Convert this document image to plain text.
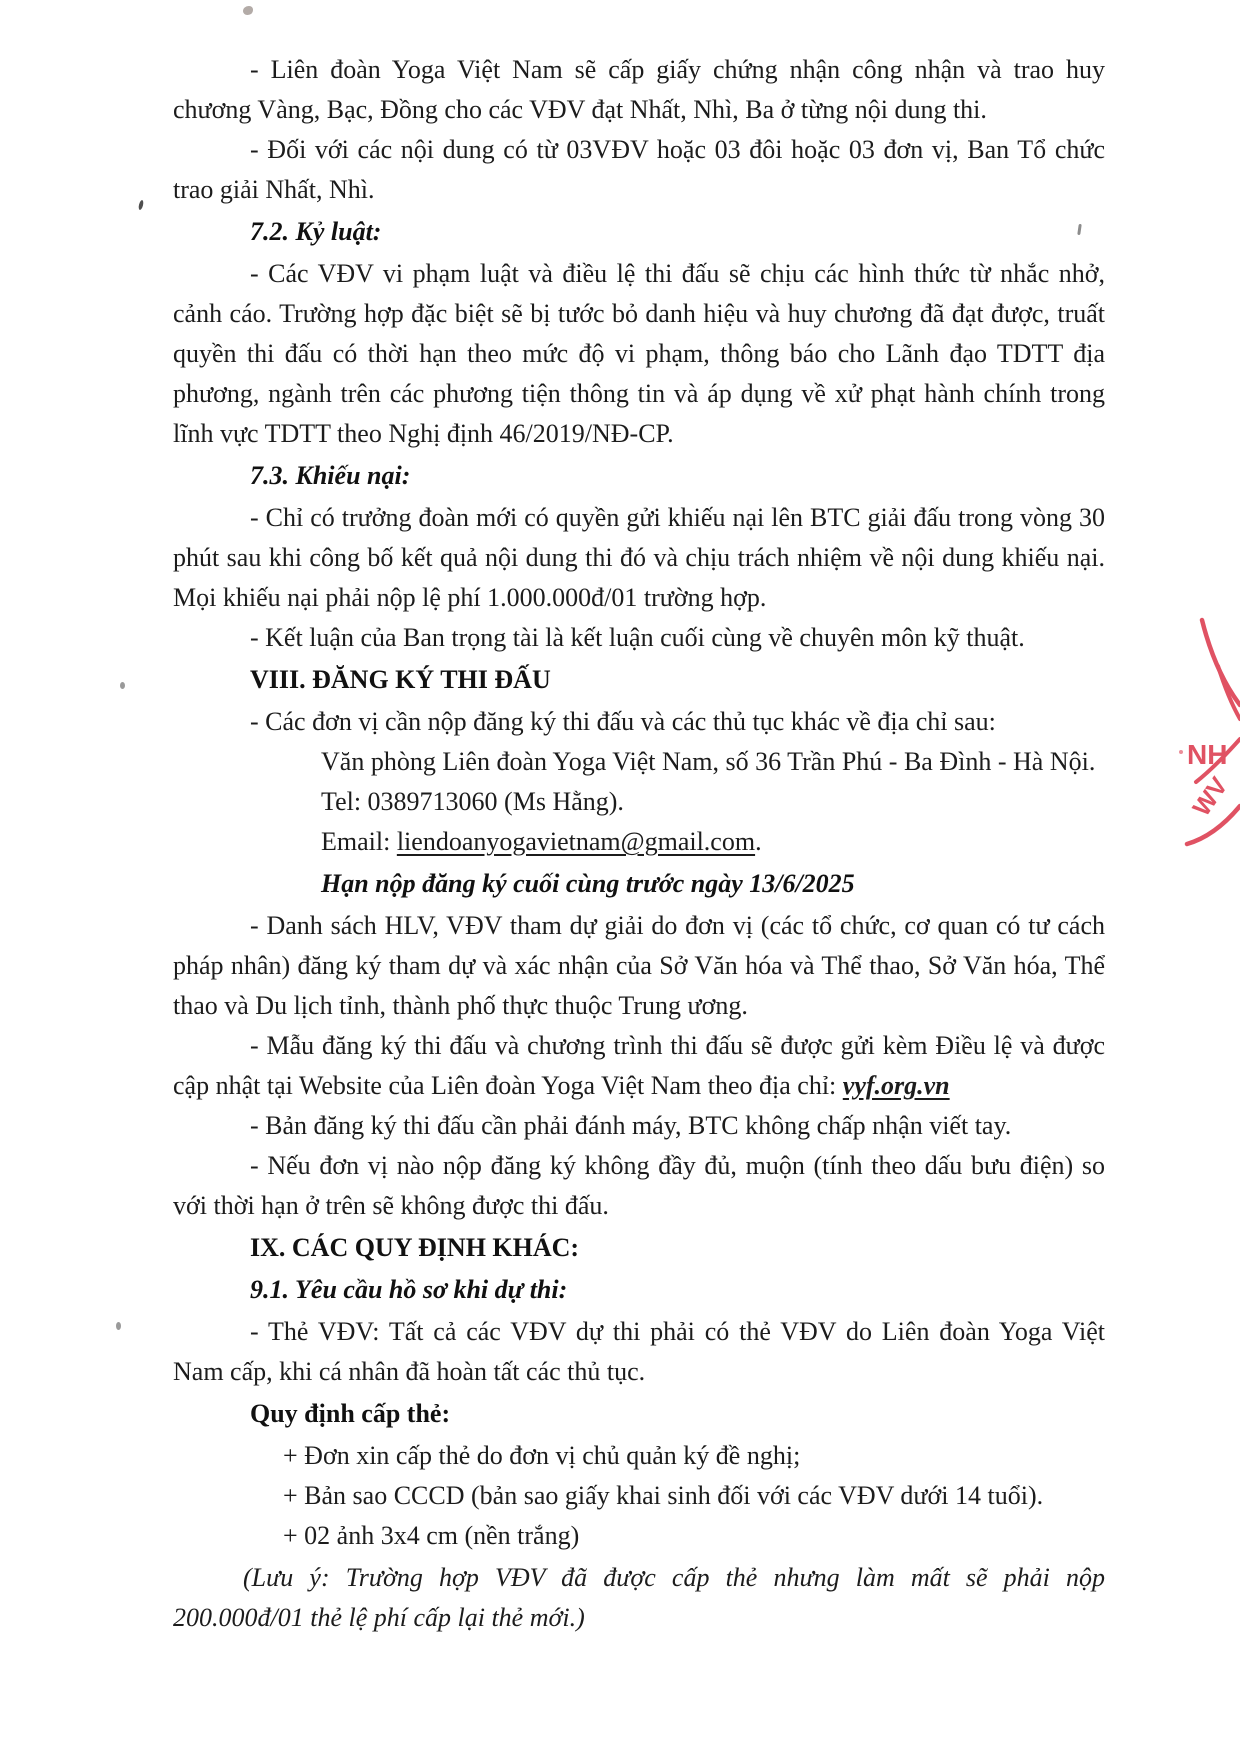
- Liên đoàn Yoga Việt Nam sẽ cấp giấy chứng nhận công nhận và trao huy chương Vàng, Bạc, Đồng cho các VĐV đạt Nhất, Nhì, Ba ở từng nội dung thi.
- Đối với các nội dung có từ 03VĐV hoặc 03 đôi hoặc 03 đơn vị, Ban Tổ chức trao giải Nhất, Nhì.
7.2. Kỷ luật:
- Các VĐV vi phạm luật và điều lệ thi đấu sẽ chịu các hình thức từ nhắc nhở, cảnh cáo. Trường hợp đặc biệt sẽ bị tước bỏ danh hiệu và huy chương đã đạt được, truất quyền thi đấu có thời hạn theo mức độ vi phạm, thông báo cho Lãnh đạo TDTT địa phương, ngành trên các phương tiện thông tin và áp dụng về xử phạt hành chính trong lĩnh vực TDTT theo Nghị định 46/2019/NĐ-CP.
7.3. Khiếu nại:
- Chỉ có trưởng đoàn mới có quyền gửi khiếu nại lên BTC giải đấu trong vòng 30 phút sau khi công bố kết quả nội dung thi đó và chịu trách nhiệm về nội dung khiếu nại. Mọi khiếu nại phải nộp lệ phí 1.000.000đ/01 trường hợp.
- Kết luận của Ban trọng tài là kết luận cuối cùng về chuyên môn kỹ thuật.
VIII. ĐĂNG KÝ THI ĐẤU
- Các đơn vị cần nộp đăng ký thi đấu và các thủ tục khác về địa chỉ sau:
Văn phòng Liên đoàn Yoga Việt Nam, số 36 Trần Phú - Ba Đình - Hà Nội.
Tel: 0389713060 (Ms Hằng).
Email: liendoanyogavietnam@gmail.com.
Hạn nộp đăng ký cuối cùng trước ngày 13/6/2025
- Danh sách HLV, VĐV tham dự giải do đơn vị (các tổ chức, cơ quan có tư cách pháp nhân) đăng ký tham dự và xác nhận của Sở Văn hóa và Thể thao, Sở Văn hóa, Thể thao và Du lịch tỉnh, thành phố thực thuộc Trung ương.
- Mẫu đăng ký thi đấu và chương trình thi đấu sẽ được gửi kèm Điều lệ và được cập nhật tại Website của Liên đoàn Yoga Việt Nam theo địa chỉ: vyf.org.vn
- Bản đăng ký thi đấu cần phải đánh máy, BTC không chấp nhận viết tay.
- Nếu đơn vị nào nộp đăng ký không đầy đủ, muộn (tính theo dấu bưu điện) so với thời hạn ở trên sẽ không được thi đấu.
IX. CÁC QUY ĐỊNH KHÁC:
9.1. Yêu cầu hồ sơ khi dự thi:
- Thẻ VĐV: Tất cả các VĐV dự thi phải có thẻ VĐV do Liên đoàn Yoga Việt Nam cấp, khi cá nhân đã hoàn tất các thủ tục.
Quy định cấp thẻ:
+ Đơn xin cấp thẻ do đơn vị chủ quản ký đề nghị;
+ Bản sao CCCD (bản sao giấy khai sinh đối với các VĐV dưới 14 tuổi).
+ 02 ảnh 3x4 cm (nền trắng)
(Lưu ý: Trường hợp VĐV đã được cấp thẻ nhưng làm mất sẽ phải nộp 200.000đ/01 thẻ lệ phí cấp lại thẻ mới.)
NH
WV
